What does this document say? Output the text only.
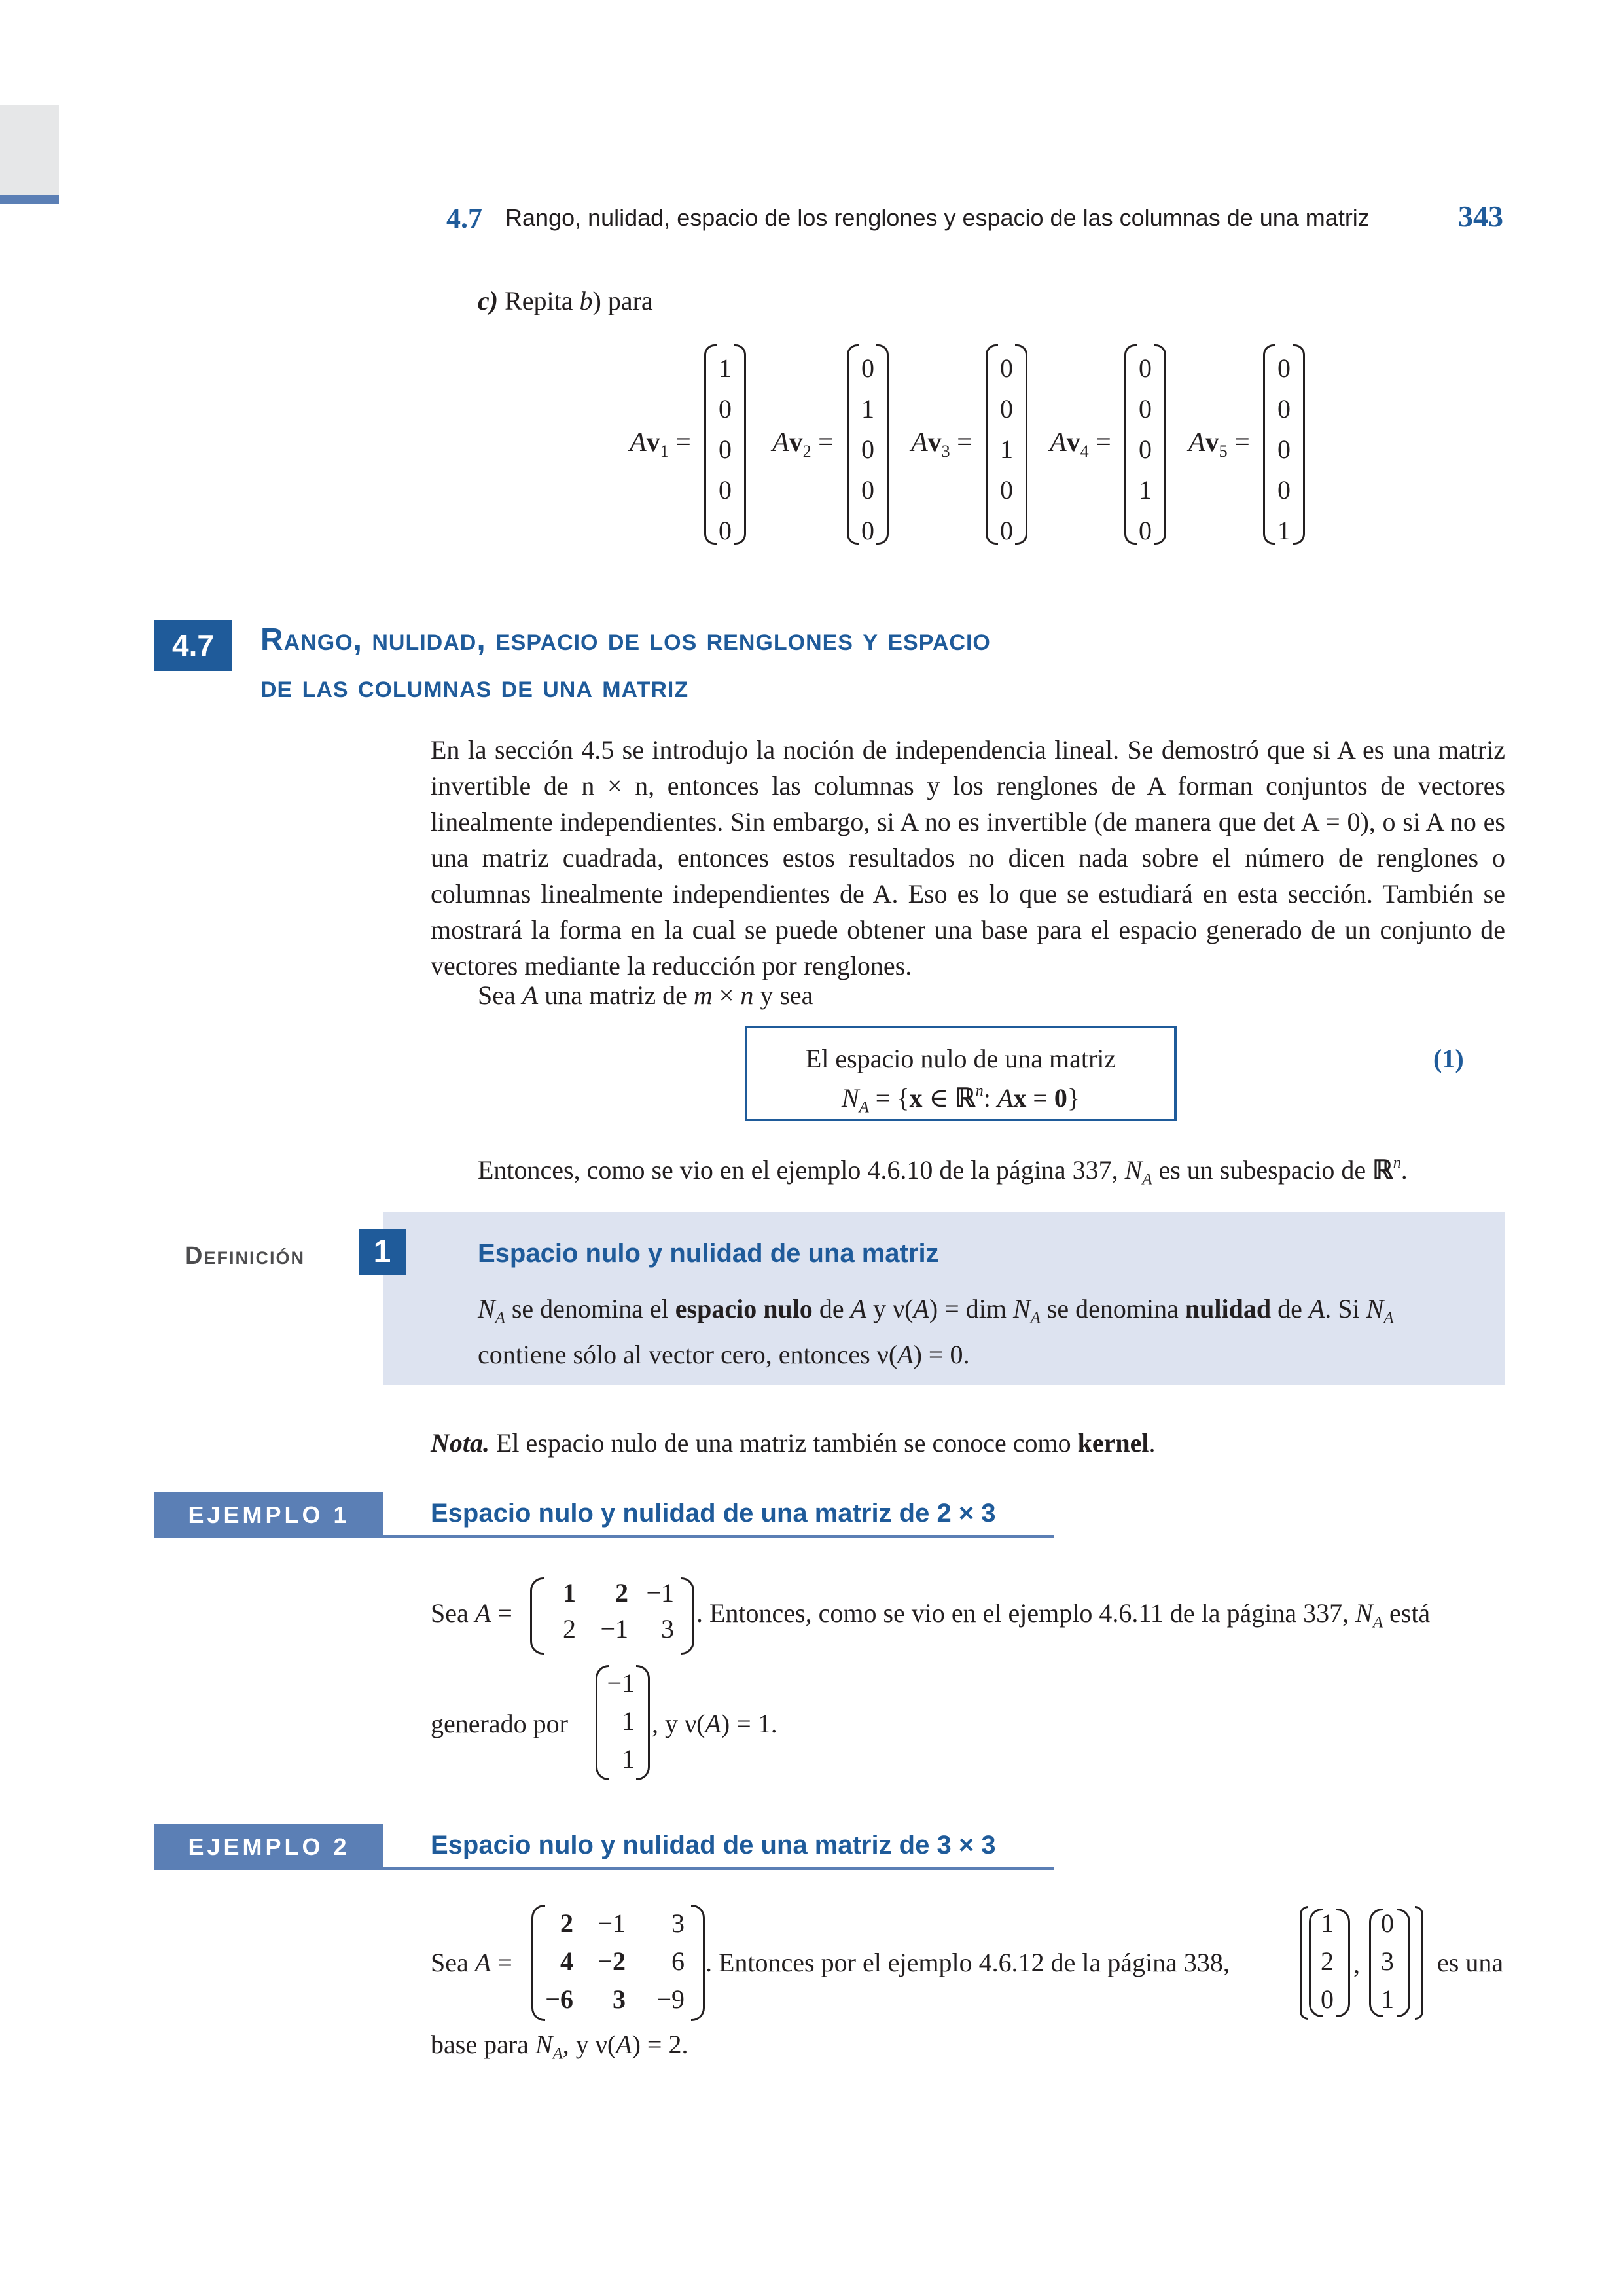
4.7 Rango, nulidad, espacio de los renglones y espacio de las columnas de una matriz	343
c) Repita b) para
$Av_1$ =
1
0
0
0
0
$Av_2$ =
0
1
0
0
0
$Av_3$ =
0
0
1
0
0
$Av_4$ =
0
0
0
1
0
$Av_5$ =
0
0
0
0
1
4.7	Rango, nulidad, espacio de los renglones y espacio
de las columnas de una matriz
En la sección 4.5 se introdujo la noción de independencia lineal. Se demostró que si A es una matriz invertible de n × n, entonces las columnas y los renglones de A forman conjuntos de vectores linealmente independientes. Sin embargo, si A no es invertible (de manera que det A = 0), o si A no es una matriz cuadrada, entonces estos resultados no dicen nada sobre el número de renglones o columnas linealmente independientes de A. Eso es lo que se estudiará en esta sección. También se mostrará la forma en la cual se puede obtener una base para el espacio generado de un conjunto de vectores mediante la reducción por renglones.
Sea A una matriz de m × n y sea
El espacio nulo de una matriz
$N_A = \{x$ ∈ ℝ$^n$: Ax = 0}
(1)
Entonces, como se vio en el ejemplo 4.6.10 de la página 337, $N_A$ es un subespacio de ℝ$^n$.
Definición	1	Espacio nulo y nulidad de una matriz
$N_A$ se denomina el espacio nulo de A y ν(A) = dim $N_A$ se denomina nulidad de A. Si $N_A$ contiene sólo al vector cero, entonces ν(A) = 0.
Nota. El espacio nulo de una matriz también se conoce como kernel.
EJEMPLO 1	Espacio nulo y nulidad de una matriz de 2 × 3
Sea A =
1	2 −1
2 −1	3
. Entonces, como se vio en el ejemplo 4.6.11 de la página 337, $N_A$ está
generado por
−1
1
1
, y ν(A) = 1.
EJEMPLO 2	Espacio nulo y nulidad de una matriz de 3 × 3
Sea A =
2 −1	3
4 −2	6
−6	3	−9
. Entonces por el ejemplo 4.6.12 de la página 338,
1
2
0
,
0
3
1
es una
base para $N_A$, y ν(A) = 2.
